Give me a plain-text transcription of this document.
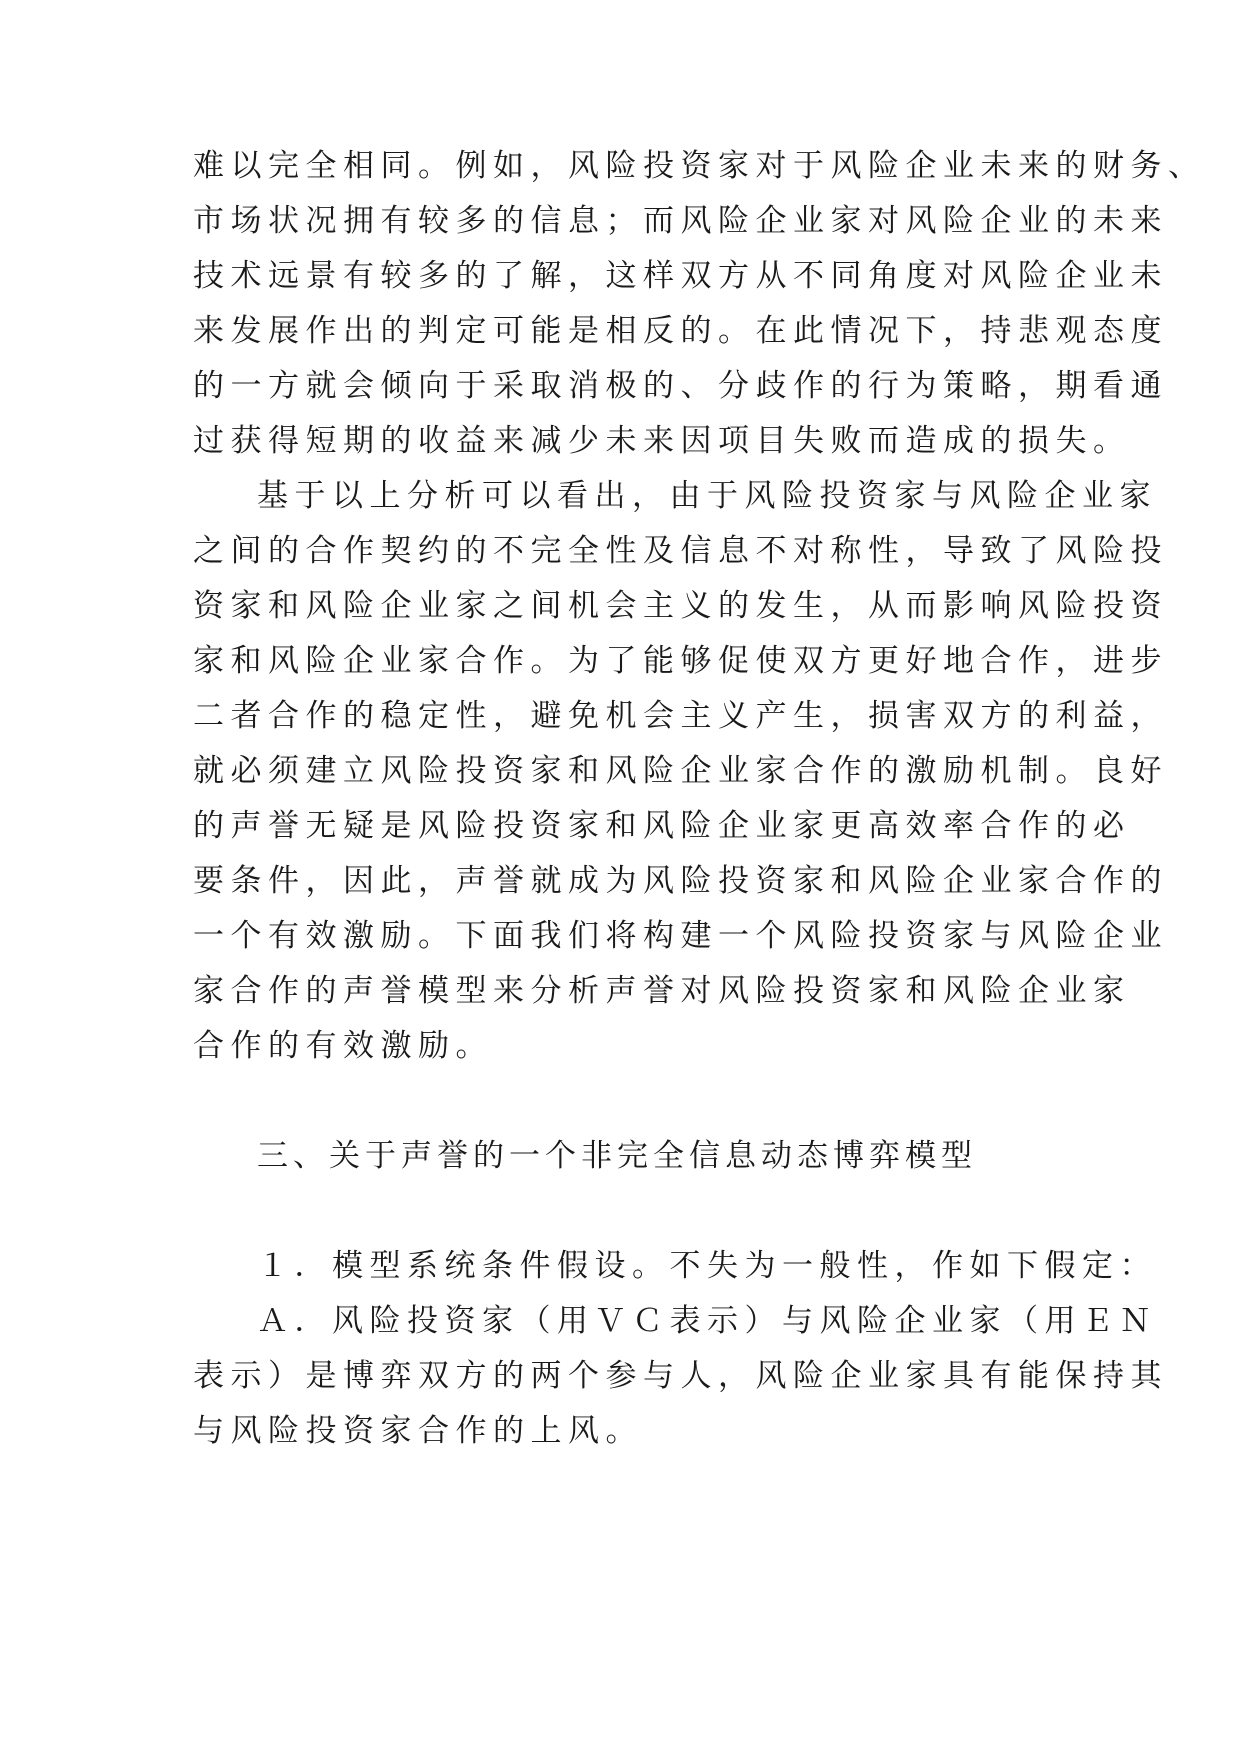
难以完全相同。例如，风险投资家对于风险企业未来的财务、
市场状况拥有较多的信息；而风险企业家对风险企业的未来
技术远景有较多的了解，这样双方从不同角度对风险企业未
来发展作出的判定可能是相反的。在此情况下，持悲观态度
的一方就会倾向于采取消极的、分歧作的行为策略，期看通
过获得短期的收益来减少未来因项目失败而造成的损失。
基于以上分析可以看出，由于风险投资家与风险企业家
之间的合作契约的不完全性及信息不对称性，导致了风险投
资家和风险企业家之间机会主义的发生，从而影响风险投资
家和风险企业家合作。为了能够促使双方更好地合作，进步
二者合作的稳定性，避免机会主义产生，损害双方的利益，
就必须建立风险投资家和风险企业家合作的激励机制。良好
的声誉无疑是风险投资家和风险企业家更高效率合作的必
要条件，因此，声誉就成为风险投资家和风险企业家合作的
一个有效激励。下面我们将构建一个风险投资家与风险企业
家合作的声誉模型来分析声誉对风险投资家和风险企业家
合作的有效激励。
三、关于声誉的一个非完全信息动态博弈模型
１．模型系统条件假设。不失为一般性，作如下假定：
Ａ．风险投资家（用ＶＣ表示）与风险企业家（用ＥＮ
表示）是博弈双方的两个参与人，风险企业家具有能保持其
与风险投资家合作的上风。
